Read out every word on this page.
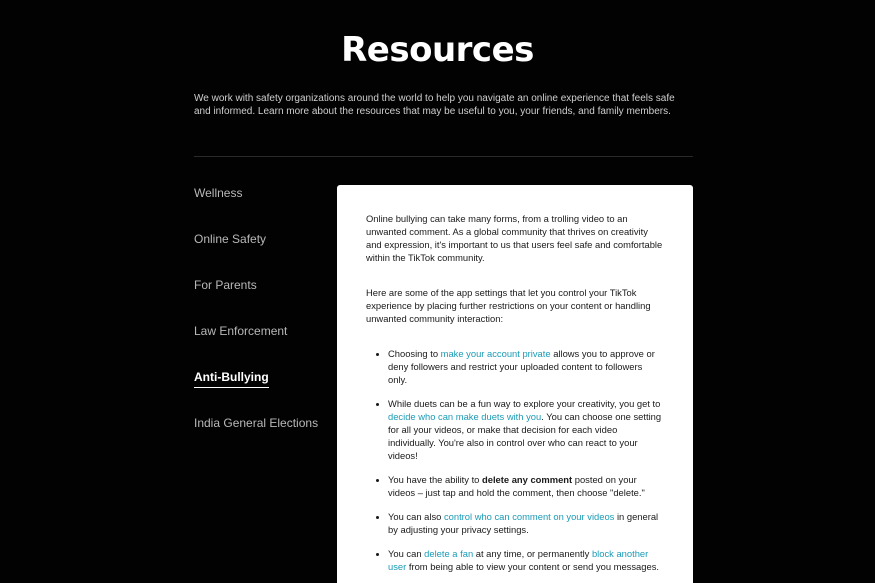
Resources

We work with safety organizations around the world to help you navigate an online experience that feels safe and informed. Learn more about the resources that may be useful to you, your friends, and family members.

Wellness
Online Safety
For Parents
Law Enforcement
Anti-Bullying
India General Elections

Online bullying can take many forms, from a trolling video to an unwanted comment. As a global community that thrives on creativity and expression, it's important to us that users feel safe and comfortable within the TikTok community.

Here are some of the app settings that let you control your TikTok experience by placing further restrictions on your content or handling unwanted community interaction:

• Choosing to make your account private allows you to approve or deny followers and restrict your uploaded content to followers only.
• While duets can be a fun way to explore your creativity, you get to decide who can make duets with you. You can choose one setting for all your videos, or make that decision for each video individually. You're also in control over who can react to your videos!
• You have the ability to delete any comment posted on your videos – just tap and hold the comment, then choose "delete."
• You can also control who can comment on your videos in general by adjusting your privacy settings.
• You can delete a fan at any time, or permanently block another user from being able to view your content or send you messages.
